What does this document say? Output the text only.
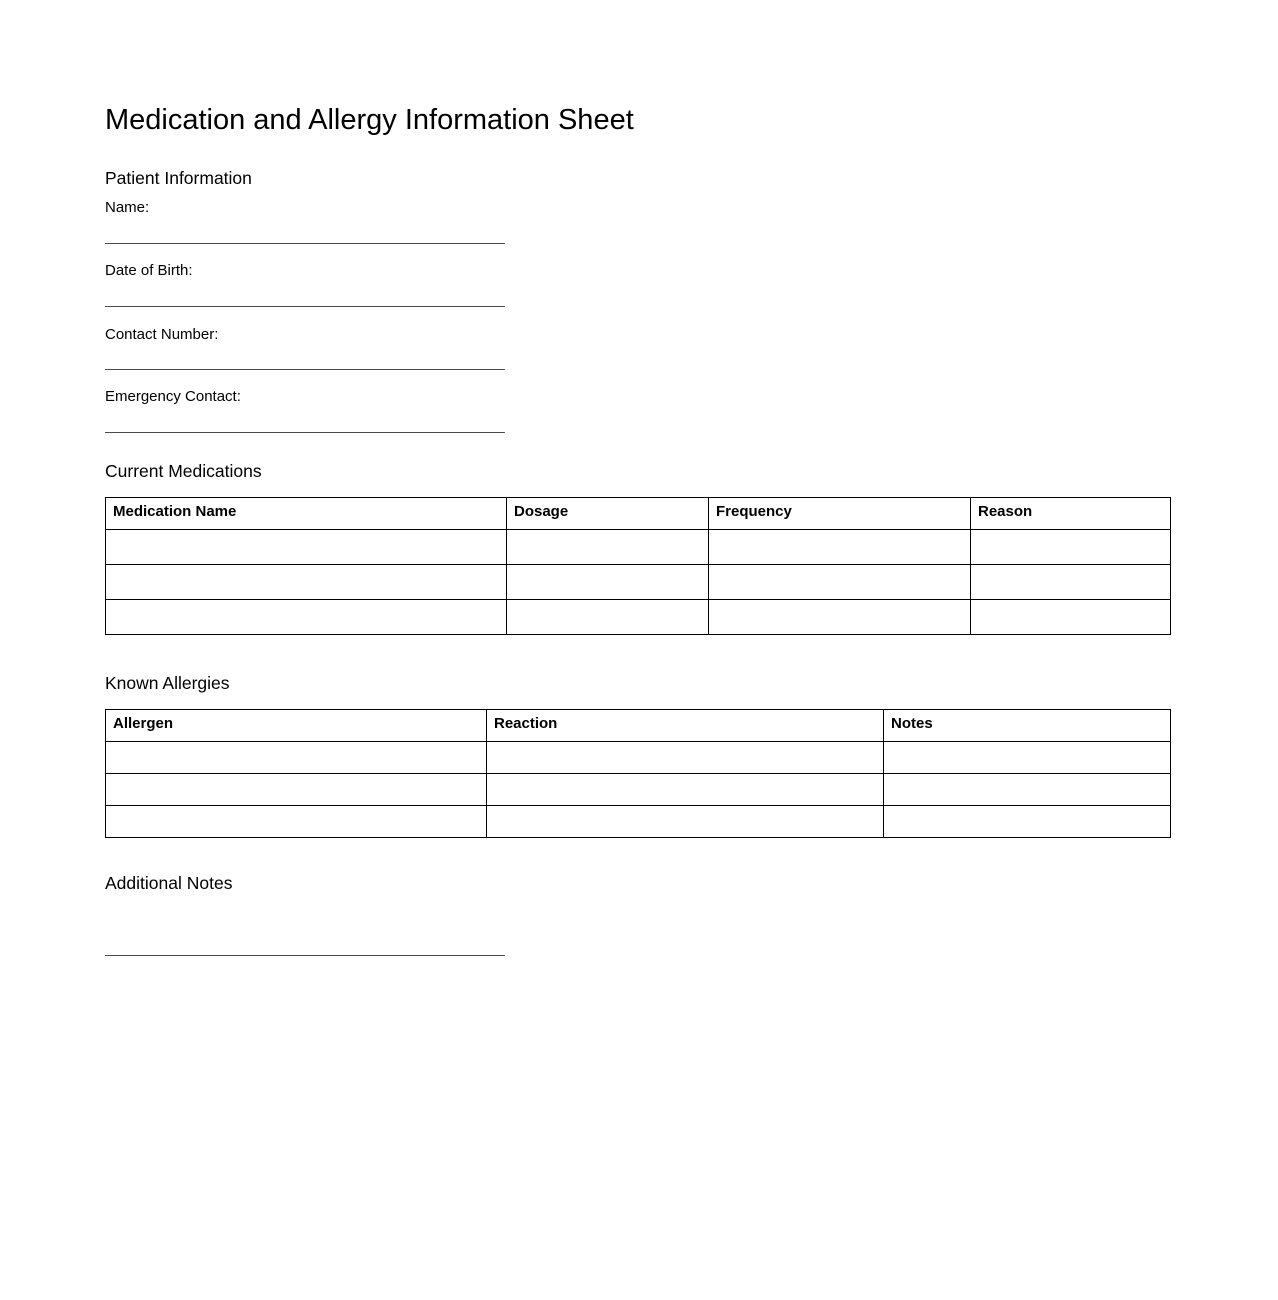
Medication and Allergy Information Sheet
Patient Information
Name:
Date of Birth:
Contact Number:
Emergency Contact:
Current Medications
Medication Name	Dosage	Frequency	Reason

Known Allergies
Allergen	Reaction	Notes

Additional Notes
